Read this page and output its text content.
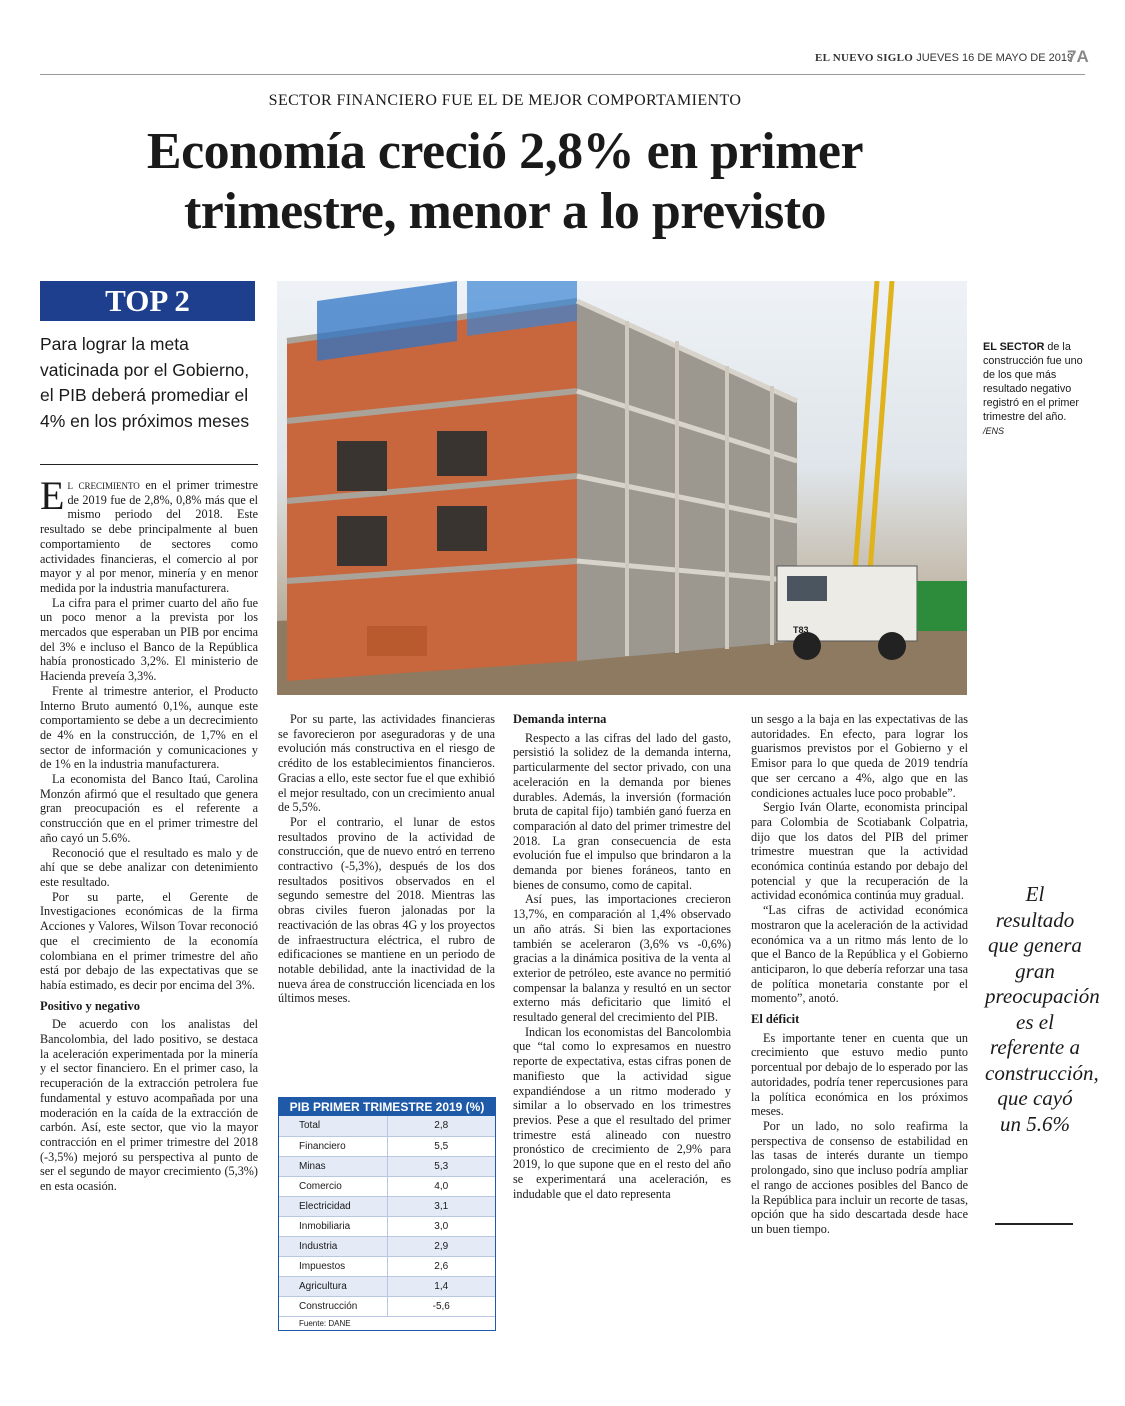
EL NUEVO SIGLO JUEVES 16 DE MAYO DE 2019
7A
SECTOR FINANCIERO FUE EL DE MEJOR COMPORTAMIENTO
Economía creció 2,8% en primer
trimestre, menor a lo previsto
TOP 2
Para lograr la meta vaticinada por el Gobierno, el PIB deberá promediar el 4% en los próximos meses
T83
EL SECTOR de la construcción fue uno de los que más resultado negativo registró en el primer trimestre del año.
/ENS

El crecimiento en el primer trimestre de 2019 fue de 2,8%, 0,8% más que el mismo periodo del 2018. Este resultado se debe principalmente al buen comportamiento de sectores como actividades financieras, el comercio al por mayor y al por menor, minería y en menor medida por la industria manufacturera.

La cifra para el primer cuarto del año fue un poco menor a la prevista por los mercados que esperaban un PIB por encima del 3% e incluso el Banco de la República había pronosticado 3,2%. El ministerio de Hacienda preveía 3,3%.

Frente al trimestre anterior, el Producto Interno Bruto aumentó 0,1%, aunque este comportamiento se debe a un decrecimiento de 4% en la construcción, de 1,7% en el sector de información y comunicaciones y de 1% en la industria manufacturera.

La economista del Banco Itaú, Carolina Monzón afirmó que el resultado que genera gran preocupación es el referente a construcción que en el primer trimestre del año cayó un 5.6%.

Reconoció que el resultado es malo y de ahí que se debe analizar con detenimiento este resultado.

Por su parte, el Gerente de Investigaciones económicas de la firma Acciones y Valores, Wilson Tovar reconoció que el crecimiento de la economía colombiana en el primer trimestre del año está por debajo de las expectativas que se había estimado, es decir por encima del 3%.

Positivo y negativo

De acuerdo con los analistas del Bancolombia, del lado positivo, se destaca la aceleración experimentada por la minería y el sector financiero. En el primer caso, la recuperación de la extracción petrolera fue fundamental y estuvo acompañada por una moderación en la caída de la extracción de carbón. Así, este sector, que vio la mayor contracción en el primer trimestre del 2018 (-3,5%) mejoró su perspectiva al punto de ser el segundo de mayor crecimiento (5,3%) en esta ocasión.

Por su parte, las actividades financieras se favorecieron por aseguradoras y de una evolución más constructiva en el riesgo de crédito de los establecimientos financieros. Gracias a ello, este sector fue el que exhibió el mejor resultado, con un crecimiento anual de 5,5%.

Por el contrario, el lunar de estos resultados provino de la actividad de construcción, que de nuevo entró en terreno contractivo (-5,3%), después de los dos resultados positivos observados en el segundo semestre del 2018. Mientras las obras civiles fueron jalonadas por la reactivación de las obras 4G y los proyectos de infraestructura eléctrica, el rubro de edificaciones se mantiene en un periodo de notable debilidad, ante la inactividad de la nueva área de construcción licenciada en los últimos meses.

PIB PRIMER TRIMESTRE 2019 (%)
Total	2,8
Financiero	5,5
Minas	5,3
Comercio	4,0
Electricidad	3,1
Inmobiliaria	3,0
Industria	2,9
Impuestos	2,6
Agricultura	1,4
Construcción	-5,6
Fuente: DANE
Demanda interna

Respecto a las cifras del lado del gasto, persistió la solidez de la demanda interna, particularmente del sector privado, con una aceleración en la demanda por bienes durables. Además, la inversión (formación bruta de capital fijo) también ganó fuerza en comparación al dato del primer trimestre del 2018. La gran consecuencia de esta evolución fue el impulso que brindaron a la demanda por bienes foráneos, tanto en bienes de consumo, como de capital.

Así pues, las importaciones crecieron 13,7%, en comparación al 1,4% observado un año atrás. Si bien las exportaciones también se aceleraron (3,6% vs -0,6%) gracias a la dinámica positiva de la venta al exterior de petróleo, este avance no permitió compensar la balanza y resultó en un sector externo más deficitario que limitó el resultado general del crecimiento del PIB.

Indican los economistas del Bancolombia que “tal como lo expresamos en nuestro reporte de expectativa, estas cifras ponen de manifiesto que la actividad sigue expandiéndose a un ritmo moderado y similar a lo observado en los trimestres previos. Pese a que el resultado del primer trimestre está alineado con nuestro pronóstico de crecimiento de 2,9% para 2019, lo que supone que en el resto del año se experimentará una aceleración, es indudable que el dato representa

un sesgo a la baja en las expectativas de las autoridades. En efecto, para lograr los guarismos previstos por el Gobierno y el Emisor para lo que queda de 2019 tendría que ser cercano a 4%, algo que en las condiciones actuales luce poco probable”.

Sergio Iván Olarte, economista principal para Colombia de Scotiabank Colpatria, dijo que los datos del PIB del primer trimestre muestran que la actividad económica continúa estando por debajo del potencial y que la recuperación de la actividad económica continúa muy gradual.

“Las cifras de actividad económica mostraron que la aceleración de la actividad económica va a un ritmo más lento de lo que el Banco de la República y el Gobierno anticiparon, lo que debería reforzar una tasa de política monetaria constante por el momento”, anotó.

El déficit

Es importante tener en cuenta que un crecimiento que estuvo medio punto porcentual por debajo de lo esperado por las autoridades, podría tener repercusiones para la política económica en los próximos meses.

Por un lado, no solo reafirma la perspectiva de consenso de estabilidad en las tasas de interés durante un tiempo prolongado, sino que incluso podría ampliar el rango de acciones posibles del Banco de la República para incluir un recorte de tasas, opción que ha sido descartada desde hace un buen tiempo.

El resultado que genera gran preocupación es el referente a construcción, que cayó un 5.6%
